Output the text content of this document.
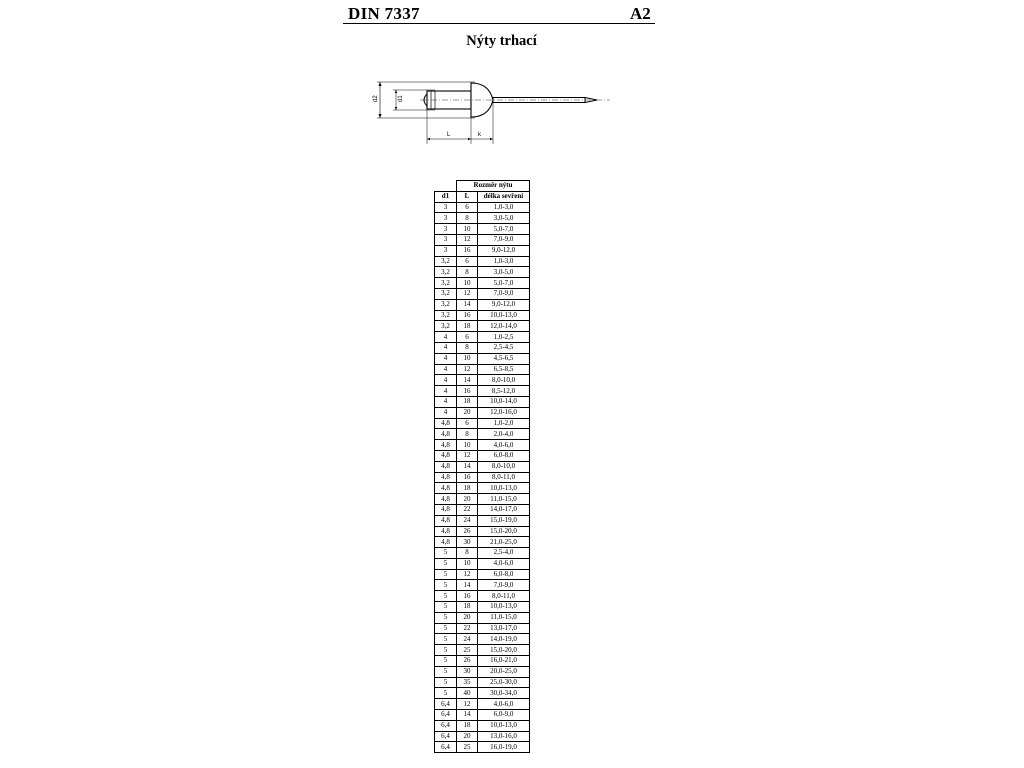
DIN 7337	A2
Nýty trhací
d2	d1
L	k
	Rozměr nýtu	
d1	L	délka sevření
3	6	1,0-3,0
3	8	3,0-5,0
3	10	5,0-7,0
3	12	7,0-9,0
3	16	9,0-12,0
3,2	6	1,0-3,0
3,2	8	3,0-5,0
3,2	10	5,0-7,0
3,2	12	7,0-9,0
3,2	14	9,0-12,0
3,2	16	10,0-13,0
3,2	18	12,0-14,0
4	6	1,0-2,5
4	8	2,5-4,5
4	10	4,5-6,5
4	12	6,5-8,5
4	14	8,0-10,0
4	16	8,5-12,0
4	18	10,0-14,0
4	20	12,0-16,0
4,8	6	1,0-2,0
4,8	8	2,0-4,0
4,8	10	4,0-6,0
4,8	12	6,0-8,0
4,8	14	8,0-10,0
4,8	16	8,0-11,0
4,8	18	10,0-13,0
4,8	20	11,0-15,0
4,8	22	14,0-17,0
4,8	24	15,0-19,0
4,8	26	15,0-20,0
4,8	30	21,0-25,0
5	8	2,5-4,0
5	10	4,0-6,0
5	12	6,0-8,0
5	14	7,0-9,0
5	16	8,0-11,0
5	18	10,0-13,0
5	20	11,0-15,0
5	22	13,0-17,0
5	24	14,0-19,0
5	25	15,0-20,0
5	26	16,0-21,0
5	30	20,0-25,0
5	35	25,0-30,0
5	40	30,0-34,0
6,4	12	4,0-6,0
6,4	14	6,0-9,0
6,4	18	10,0-13,0
6,4	20	13,0-16,0
6,4	25	16,0-19,0
